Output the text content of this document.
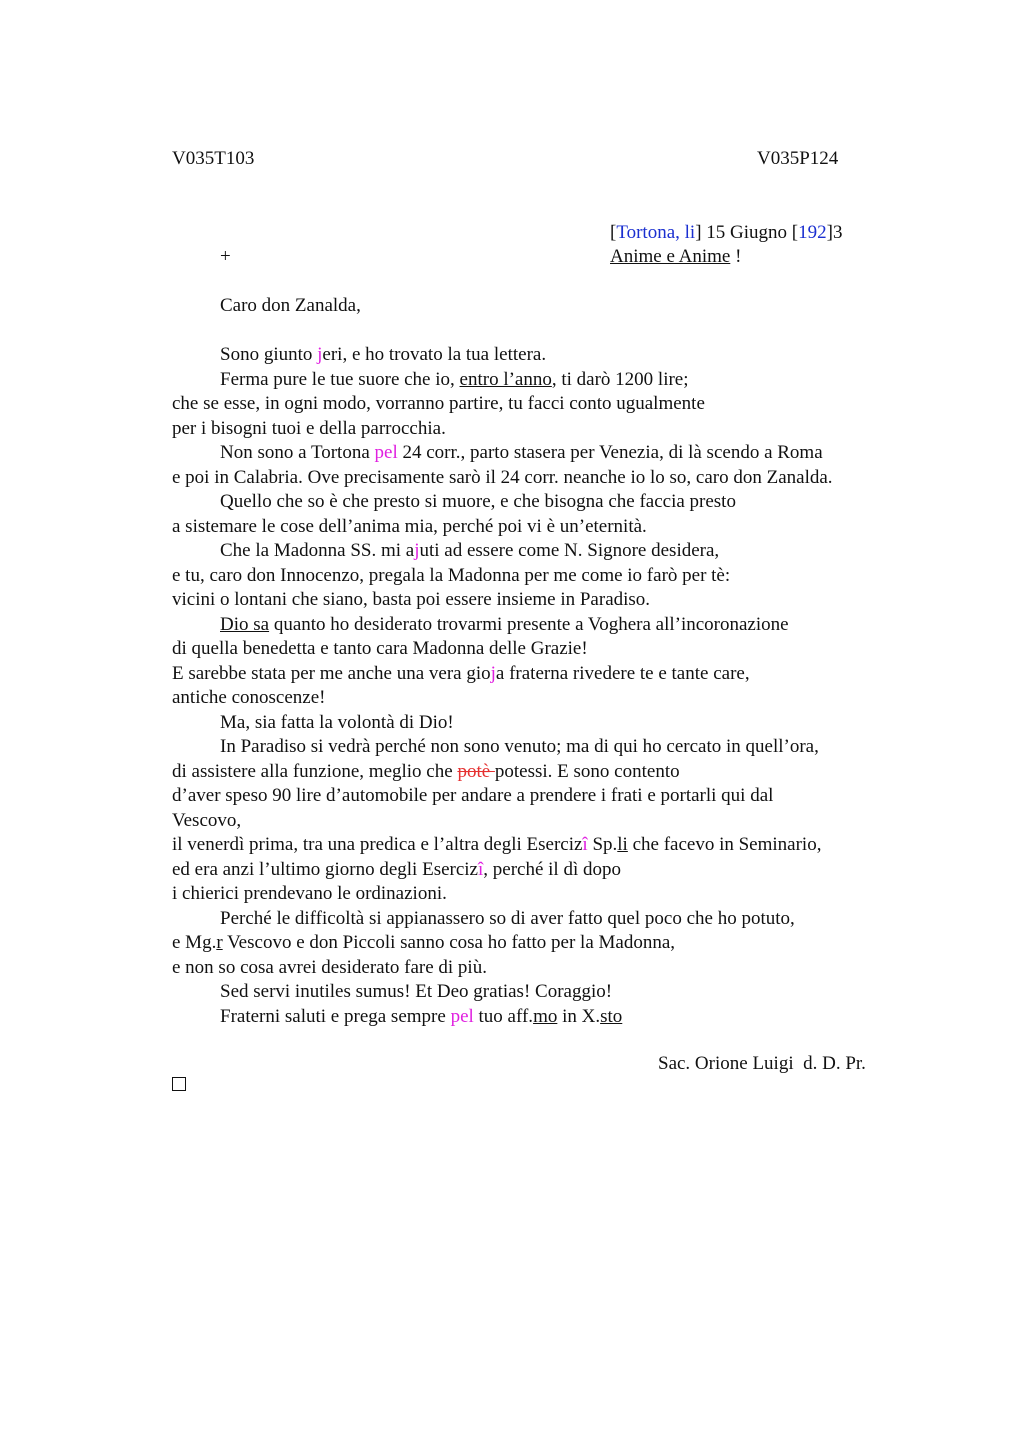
V035T103	V035P124
[Tortona, li] 15 Giugno [192]3
+	Anime e Anime !
Caro don Zanalda,
Sono giunto jeri, e ho trovato la tua lettera.
Ferma pure le tue suore che io, entro l’anno, ti darò 1200 lire;
che se esse, in ogni modo, vorranno partire, tu facci conto ugualmente
per i bisogni tuoi e della parrocchia.
Non sono a Tortona pel 24 corr., parto stasera per Venezia, di là scendo a Roma
e poi in Calabria. Ove precisamente sarò il 24 corr. neanche io lo so, caro don Zanalda.
Quello che so è che presto si muore, e che bisogna che faccia presto
a sistemare le cose dell’anima mia, perché poi vi è un’eternità.
Che la Madonna SS. mi ajuti ad essere come N. Signore desidera,
e tu, caro don Innocenzo, pregala la Madonna per me come io farò per tè:
vicini o lontani che siano, basta poi essere insieme in Paradiso.
Dio sa quanto ho desiderato trovarmi presente a Voghera all’incoronazione
di quella benedetta e tanto cara Madonna delle Grazie!
E sarebbe stata per me anche una vera gioja fraterna rivedere te e tante care,
antiche conoscenze!
Ma, sia fatta la volontà di Dio!
In Paradiso si vedrà perché non sono venuto; ma di qui ho cercato in quell’ora,
di assistere alla funzione, meglio che potè potessi. E sono contento
d’aver speso 90 lire d’automobile per andare a prendere i frati e portarli qui dal Vescovo,
il venerdì prima, tra una predica e l’altra degli Esercizî Sp.li che facevo in Seminario,
ed era anzi l’ultimo giorno degli Esercizî, perché il dì dopo
i chierici prendevano le ordinazioni.
Perché le difficoltà si appianassero so di aver fatto quel poco che ho potuto,
e Mg.r Vescovo e don Piccoli sanno cosa ho fatto per la Madonna,
e non so cosa avrei desiderato fare di più.
Sed servi inutiles sumus! Et Deo gratias! Coraggio!
Fraterni saluti e prega sempre pel tuo aff.mo in X.sto
Sac. Orione Luigi  d. D. Pr.
